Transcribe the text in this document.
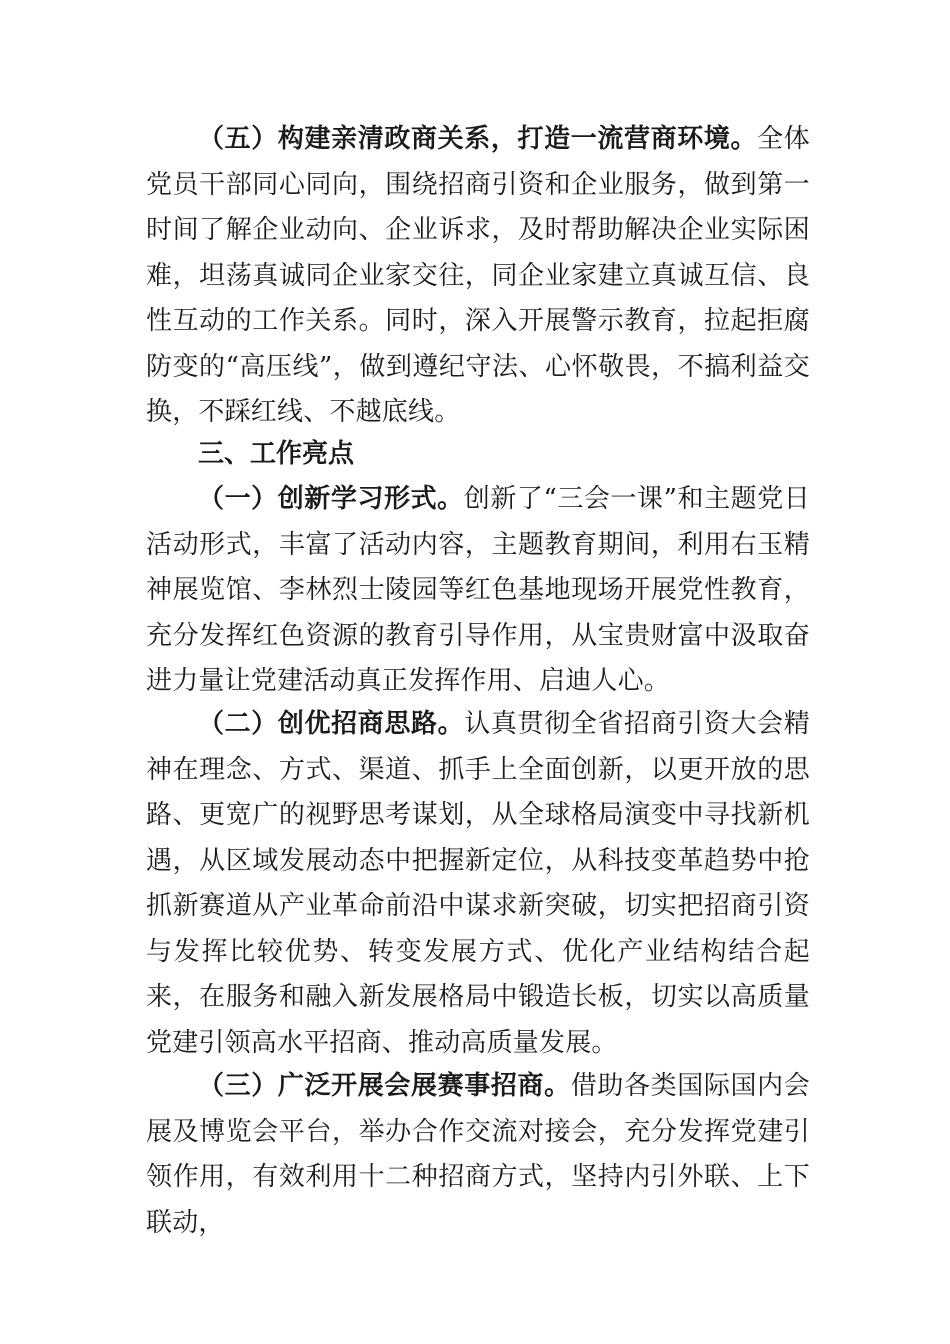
（五）构建亲清政商关系，打造一流营商环境。全体党员干部同心同向，围绕招商引资和企业服务，做到第一时间了解企业动向、企业诉求，及时帮助解决企业实际困难，坦荡真诚同企业家交往，同企业家建立真诚互信、良性互动的工作关系。同时，深入开展警示教育，拉起拒腐防变的“高压线”，做到遵纪守法、心怀敬畏，不搞利益交换，不踩红线、不越底线。

三、工作亮点

（一）创新学习形式。创新了“三会一课”和主题党日活动形式，丰富了活动内容，主题教育期间，利用右玉精神展览馆、李林烈士陵园等红色基地现场开展党性教育，充分发挥红色资源的教育引导作用，从宝贵财富中汲取奋进力量让党建活动真正发挥作用、启迪人心。

（二）创优招商思路。认真贯彻全省招商引资大会精神在理念、方式、渠道、抓手上全面创新，以更开放的思路、更宽广的视野思考谋划，从全球格局演变中寻找新机遇，从区域发展动态中把握新定位，从科技变革趋势中抢抓新赛道从产业革命前沿中谋求新突破，切实把招商引资与发挥比较优势、转变发展方式、优化产业结构结合起来，在服务和融入新发展格局中锻造长板，切实以高质量党建引领高水平招商、推动高质量发展。

（三）广泛开展会展赛事招商。借助各类国际国内会展及博览会平台，举办合作交流对接会，充分发挥党建引领作用，有效利用十二种招商方式，坚持内引外联、上下联动，
